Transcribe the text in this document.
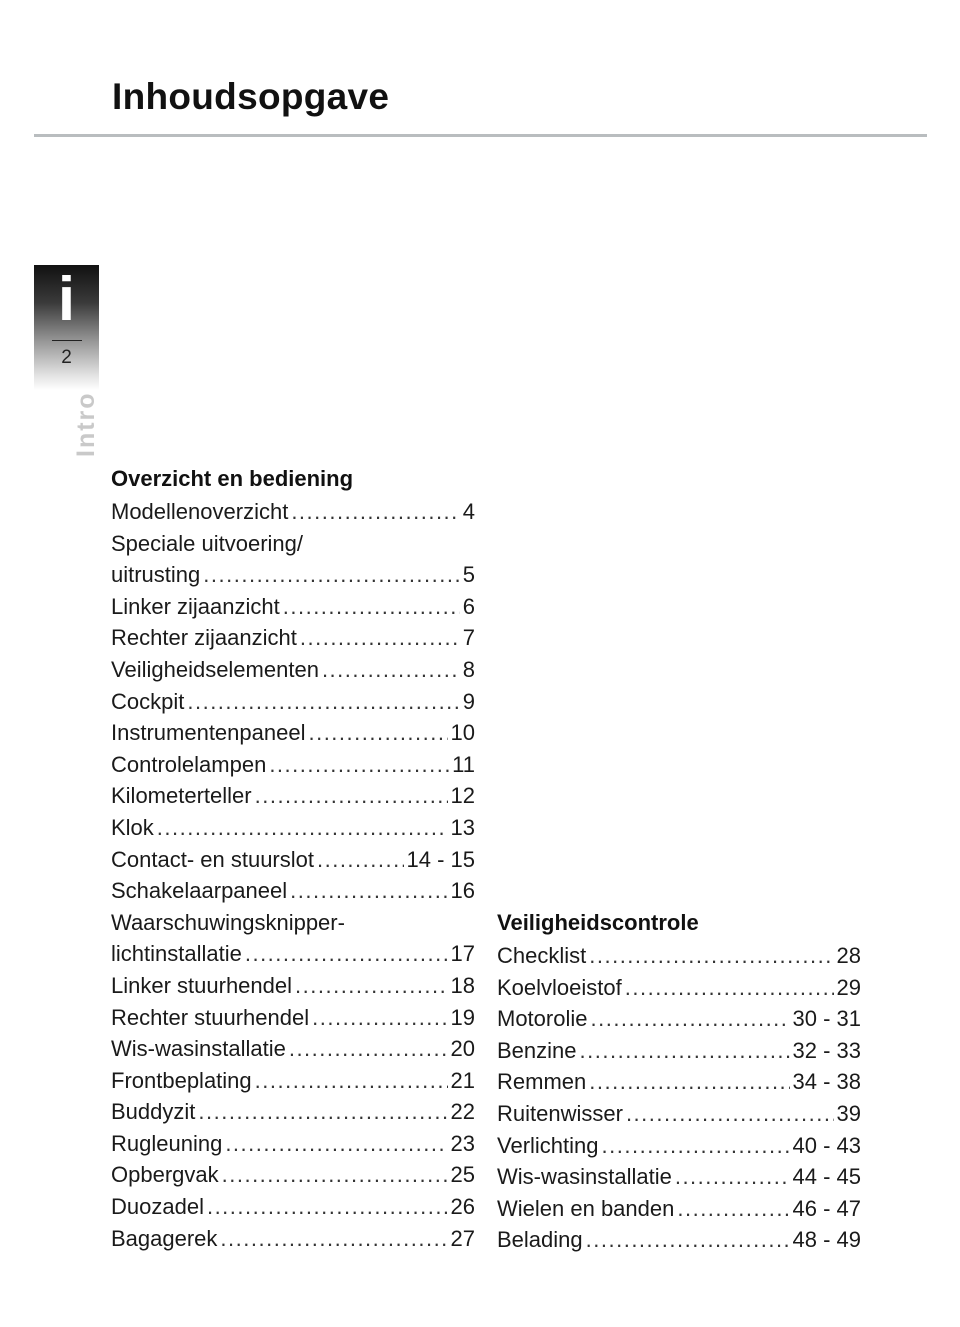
Inhoudsopgave
i
2
Intro
Overzicht en bediening
Modellenoverzicht .....	4
Speciale uitvoering/
uitrusting .....	5
Linker zijaanzicht .....	6
Rechter zijaanzicht .....	7
Veiligheidselementen .....	8
Cockpit .....	9
Instrumentenpaneel .....	10
Controlelampen .....	11
Kilometerteller .....	12
Klok .....	13
Contact- en stuurslot .....	14 - 15
Schakelaarpaneel .....	16
Waarschuwingsknipper-
lichtinstallatie .....	17
Linker stuurhendel .....	18
Rechter stuurhendel .....	19
Wis-wasinstallatie .....	20
Frontbeplating .....	21
Buddyzit .....	22
Rugleuning .....	23
Opbergvak .....	25
Duozadel .....	26
Bagagerek .....	27
Veiligheidscontrole
Checklist .....	28
Koelvloeistof .....	29
Motorolie .....	30 - 31
Benzine .....	32 - 33
Remmen .....	34 - 38
Ruitenwisser .....	39
Verlichting .....	40 - 43
Wis-wasinstallatie .....	44 - 45
Wielen en banden .....	46 - 47
Belading .....	48 - 49
